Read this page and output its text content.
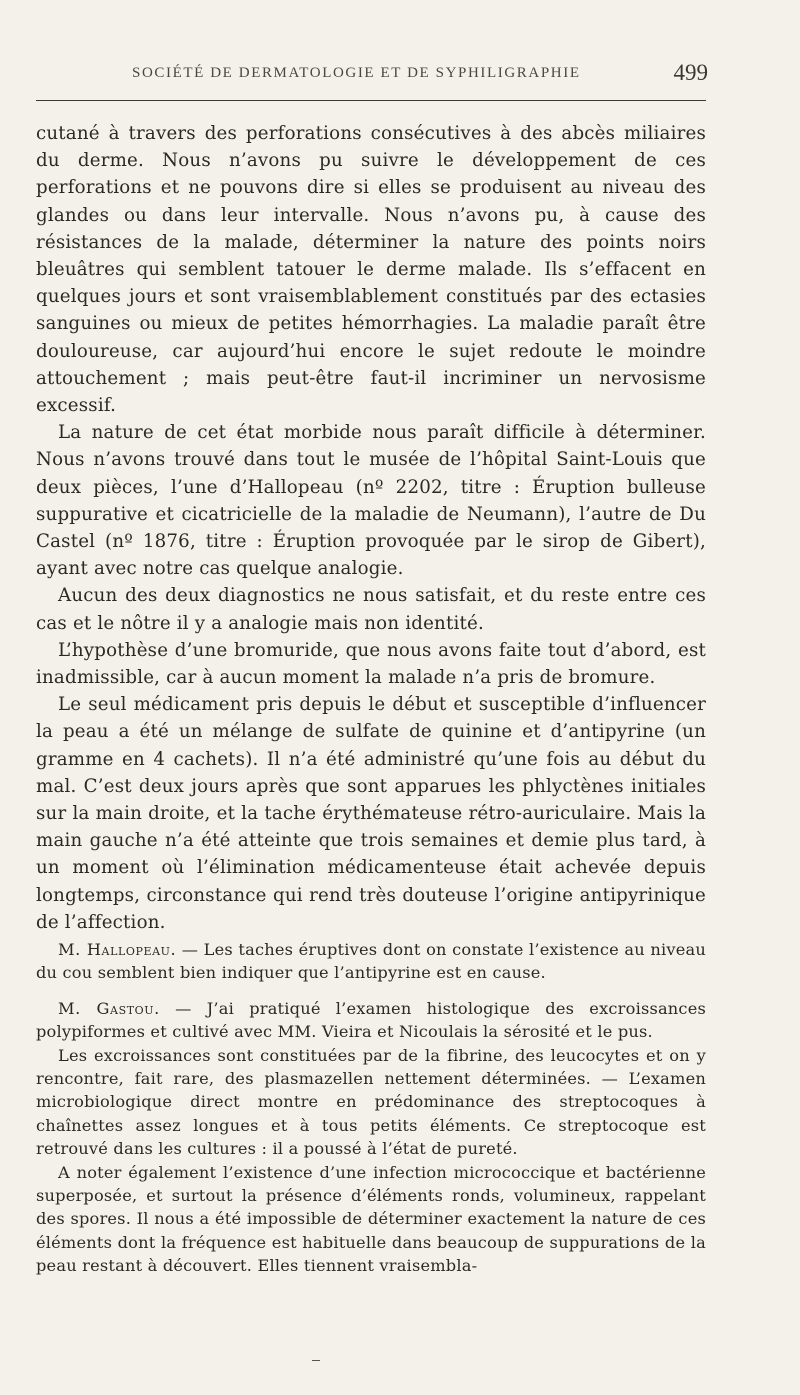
SOCIÉTÉ DE DERMATOLOGIE ET DE SYPHILIGRAPHIE	499

cutané à travers des perforations consécutives à des abcès miliaires du derme. Nous n’avons pu suivre le développement de ces perforations et ne pouvons dire si elles se produisent au niveau des glandes ou dans leur intervalle. Nous n’avons pu, à cause des résistances de la malade, déterminer la nature des points noirs bleuâtres qui semblent tatouer le derme malade. Ils s’effacent en quelques jours et sont vraisemblablement constitués par des ectasies sanguines ou mieux de petites hémorrhagies. La maladie paraît être douloureuse, car aujourd’hui encore le sujet redoute le moindre attouchement ; mais peut-être faut-il incriminer un nervosisme excessif.

La nature de cet état morbide nous paraît difficile à déterminer. Nous n’avons trouvé dans tout le musée de l’hôpital Saint-Louis que deux pièces, l’une d’Hallopeau (nº 2202, titre : Éruption bulleuse suppurative et cicatricielle de la maladie de Neumann), l’autre de Du Castel (nº 1876, titre : Éruption provoquée par le sirop de Gibert), ayant avec notre cas quelque analogie.

Aucun des deux diagnostics ne nous satisfait, et du reste entre ces cas et le nôtre il y a analogie mais non identité.

L’hypothèse d’une bromuride, que nous avons faite tout d’abord, est inadmissible, car à aucun moment la malade n’a pris de bromure.

Le seul médicament pris depuis le début et susceptible d’influencer la peau a été un mélange de sulfate de quinine et d’antipyrine (un gramme en 4 cachets). Il n’a été administré qu’une fois au début du mal. C’est deux jours après que sont apparues les phlyctènes initiales sur la main droite, et la tache érythémateuse rétro-auriculaire. Mais la main gauche n’a été atteinte que trois semaines et demie plus tard, à un moment où l’élimination médicamenteuse était achevée depuis longtemps, circonstance qui rend très douteuse l’origine antipyrinique de l’affection.

M. Hallopeau. — Les taches éruptives dont on constate l’existence au niveau du cou semblent bien indiquer que l’antipyrine est en cause.

M. Gastou. — J’ai pratiqué l’examen histologique des excroissances polypiformes et cultivé avec MM. Vieira et Nicoulais la sérosité et le pus.

Les excroissances sont constituées par de la fibrine, des leucocytes et on y rencontre, fait rare, des plasmazellen nettement déterminées. — L’examen microbiologique direct montre en prédominance des streptocoques à chaînettes assez longues et à tous petits éléments. Ce streptocoque est retrouvé dans les cultures : il a poussé à l’état de pureté.

A noter également l’existence d’une infection micrococcique et bactérienne superposée, et surtout la présence d’éléments ronds, volumineux, rappelant des spores. Il nous a été impossible de déterminer exactement la nature de ces éléments dont la fréquence est habituelle dans beaucoup de suppurations de la peau restant à découvert. Elles tiennent vraisembla-
